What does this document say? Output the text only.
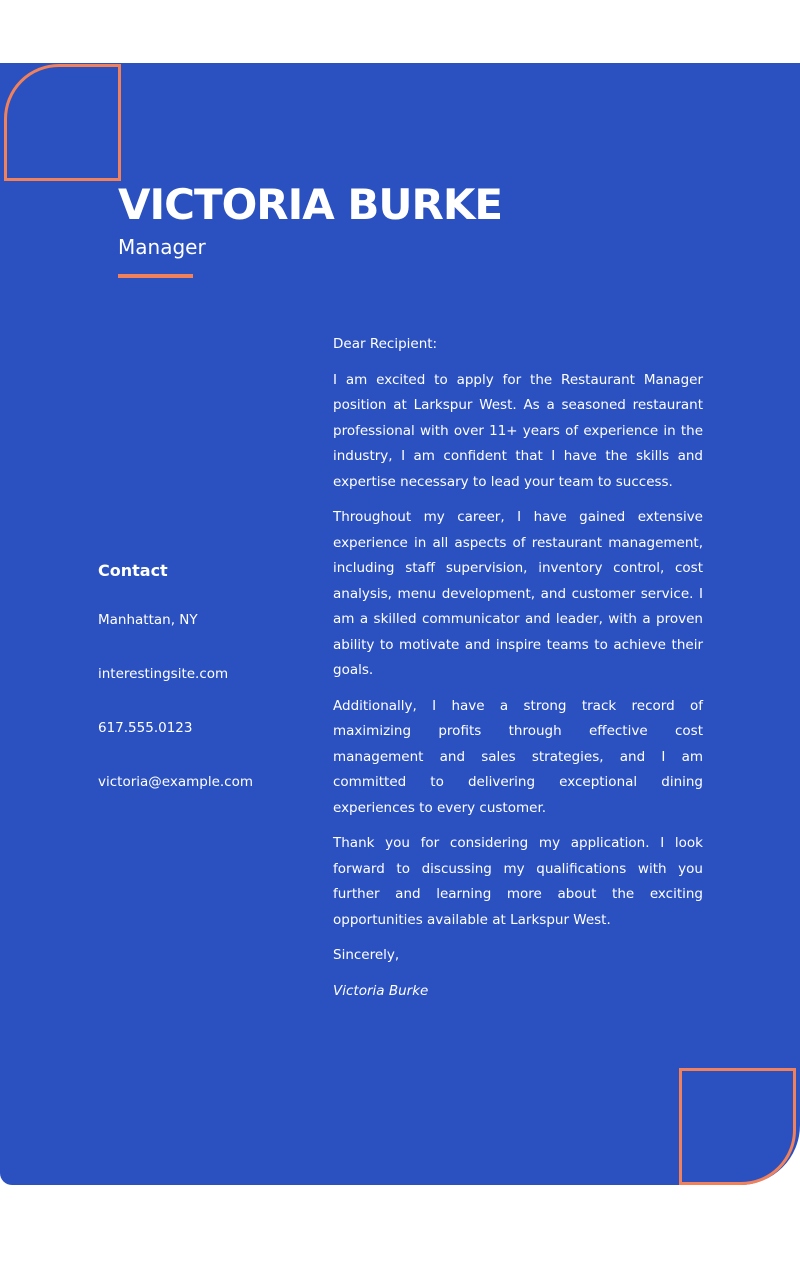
VICTORIA BURKE
Manager
Contact
Manhattan, NY
interestingsite.com
617.555.0123
victoria@example.com

Dear Recipient:

I am excited to apply for the Restaurant Manager position at Larkspur West. As a seasoned restaurant professional with over 11+ years of experience in the industry, I am confident that I have the skills and expertise necessary to lead your team to success.

Throughout my career, I have gained extensive experience in all aspects of restaurant management, including staff supervision, inventory control, cost analysis, menu development, and customer service. I am a skilled communicator and leader, with a proven ability to motivate and inspire teams to achieve their goals.

Additionally, I have a strong track record of maximizing profits through effective cost management and sales strategies, and I am committed to delivering exceptional dining experiences to every customer.

Thank you for considering my application. I look forward to discussing my qualifications with you further and learning more about the exciting opportunities available at Larkspur West.

Sincerely,

Victoria Burke
